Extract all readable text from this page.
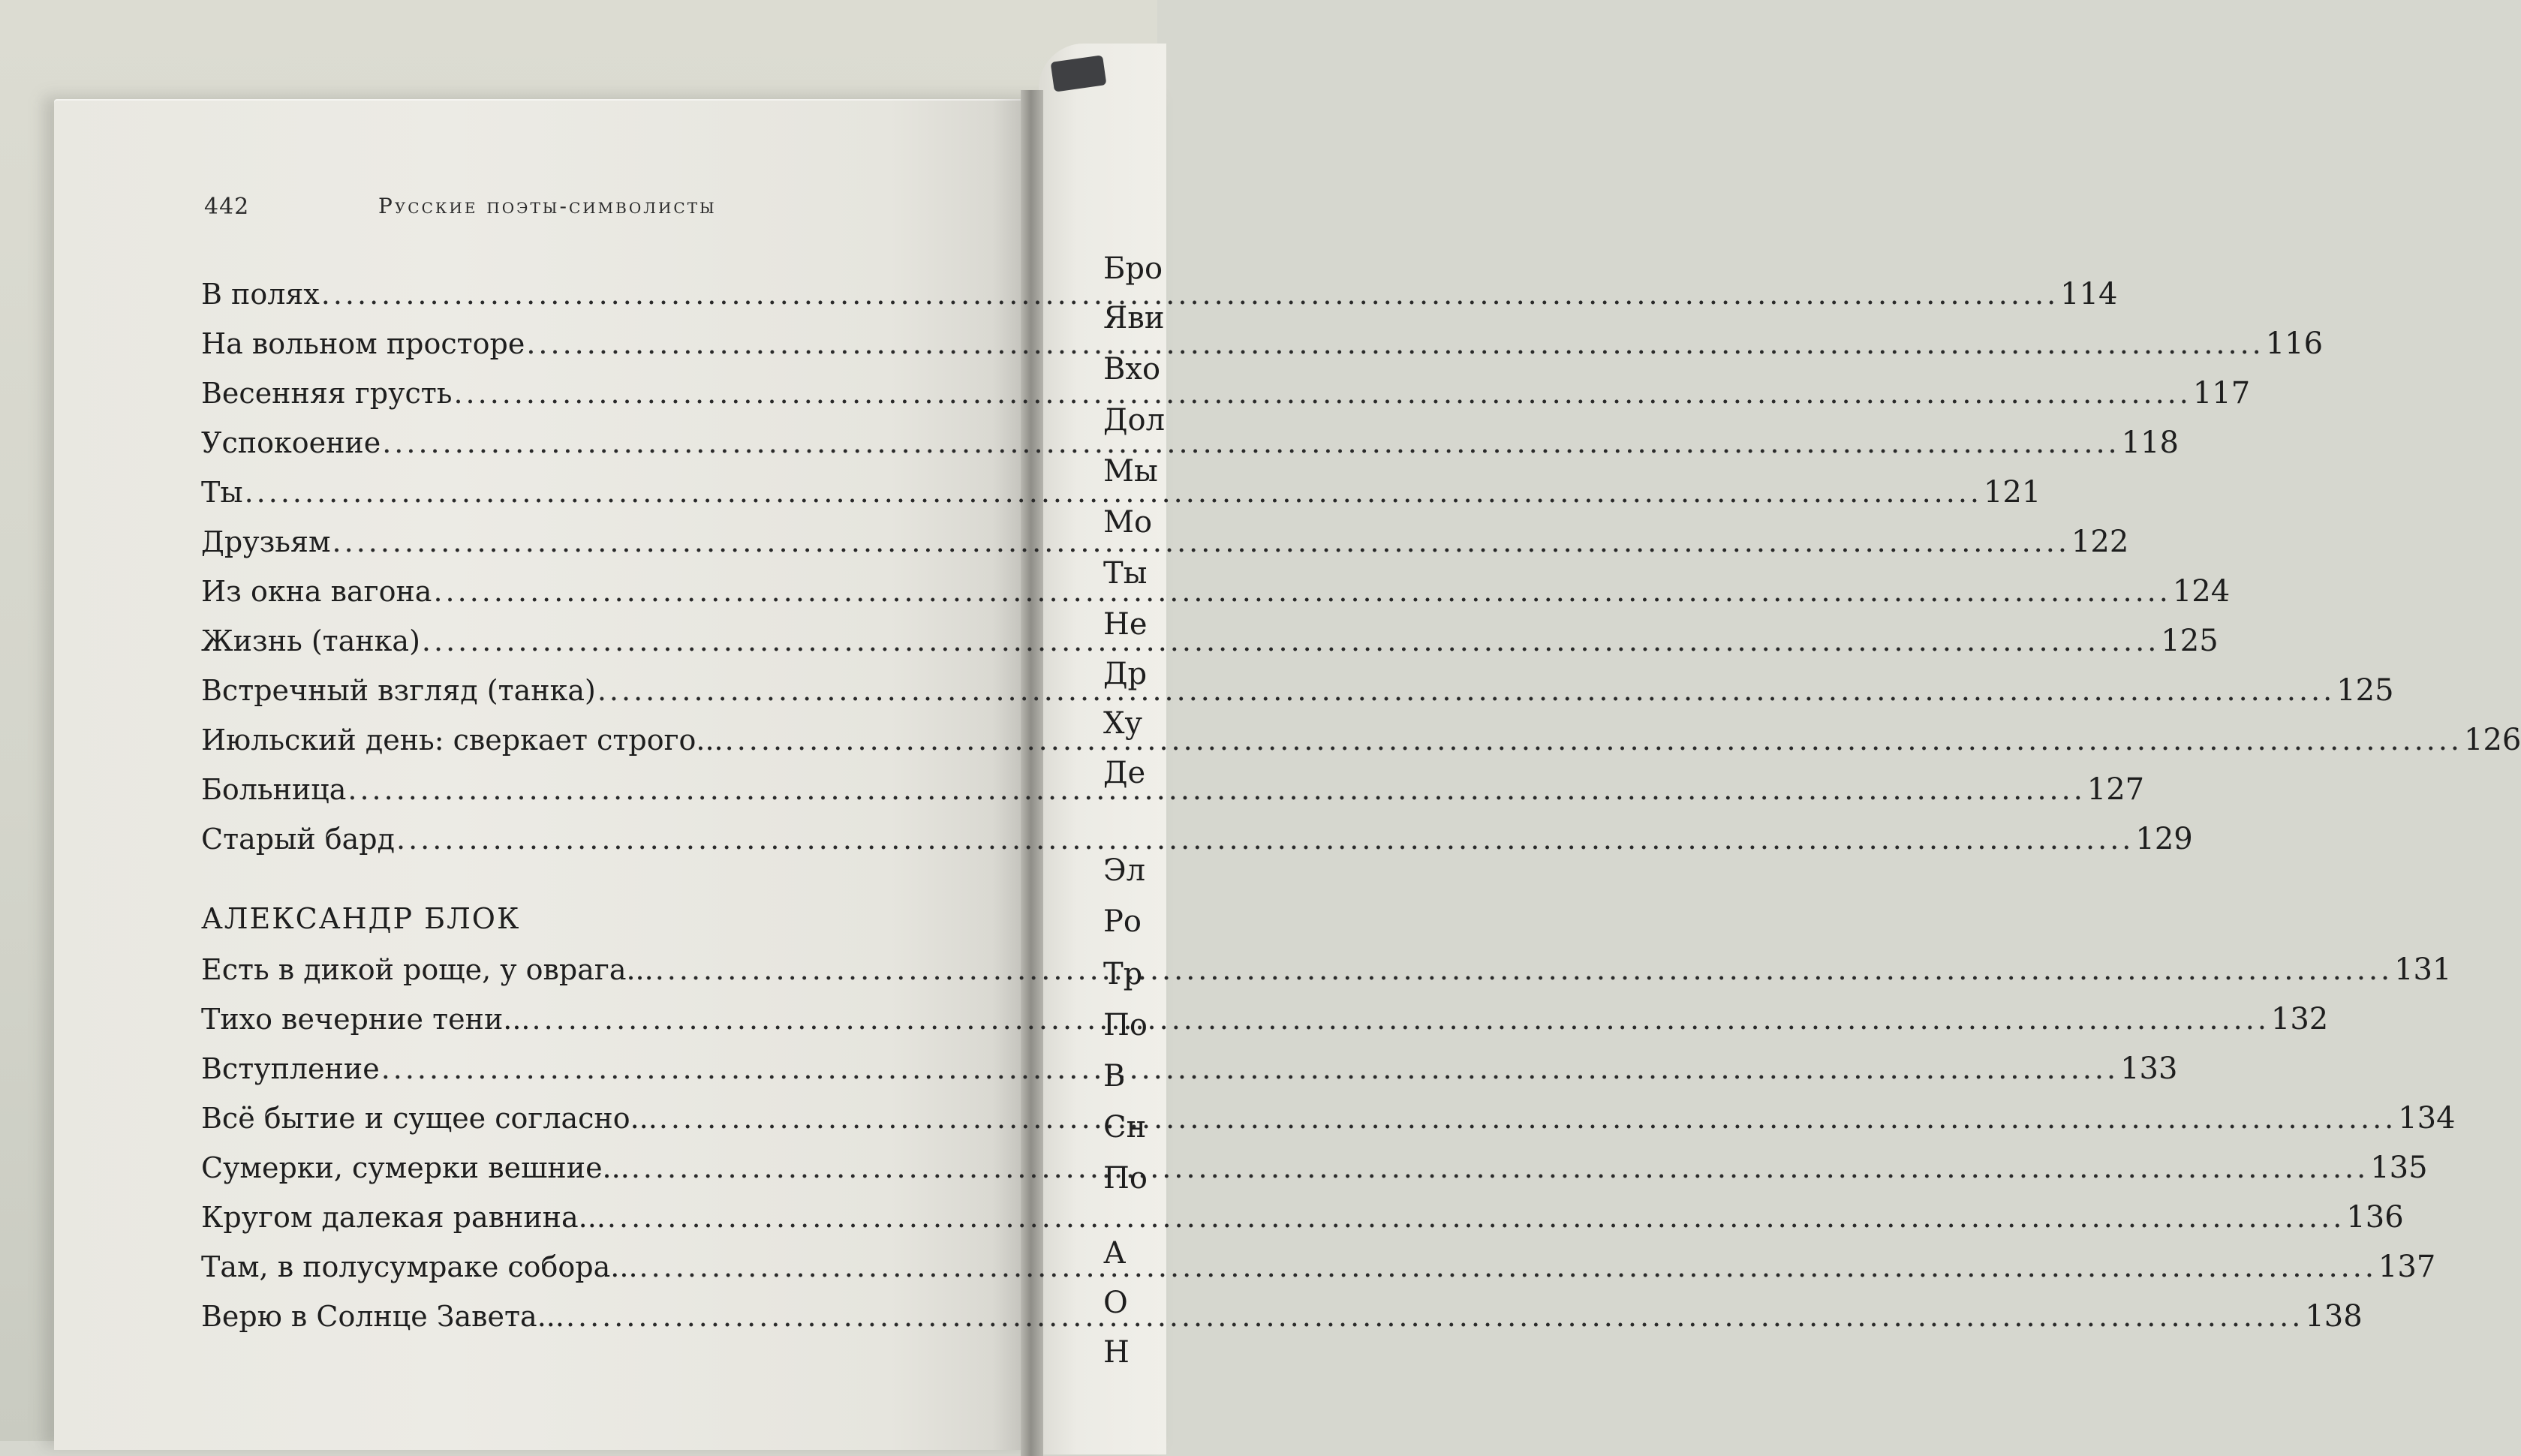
442	Русские поэты-символисты
В полях .....	114
На вольном просторе .....	116
Весенняя грусть .....	117
Успокоение .....	118
Ты .....	121
Друзьям .....	122
Из окна вагона .....	124
Жизнь (танка) .....	125
Встречный взгляд (танка) .....	125
Июльский день: сверкает строго... .....	126
Больница .....	127
Старый бард .....	129
АЛЕКСАНДР БЛОК
Есть в дикой роще, у оврага... .....	131
Тихо вечерние тени... .....	132
Вступление .....	133
Всё бытие и сущее согласно... .....	134
Сумерки, сумерки вешние... .....	135
Кругом далекая равнина... .....	136
Там, в полусумраке собора... .....	137
Верю в Солнце Завета... .....	138
Бро
Яви
Вхо
Дол
Мы
Мо
Ты
Не
Др
Ху
Де
Эл
Ро
Тр
По
В
Сн
По
А
О
Н
